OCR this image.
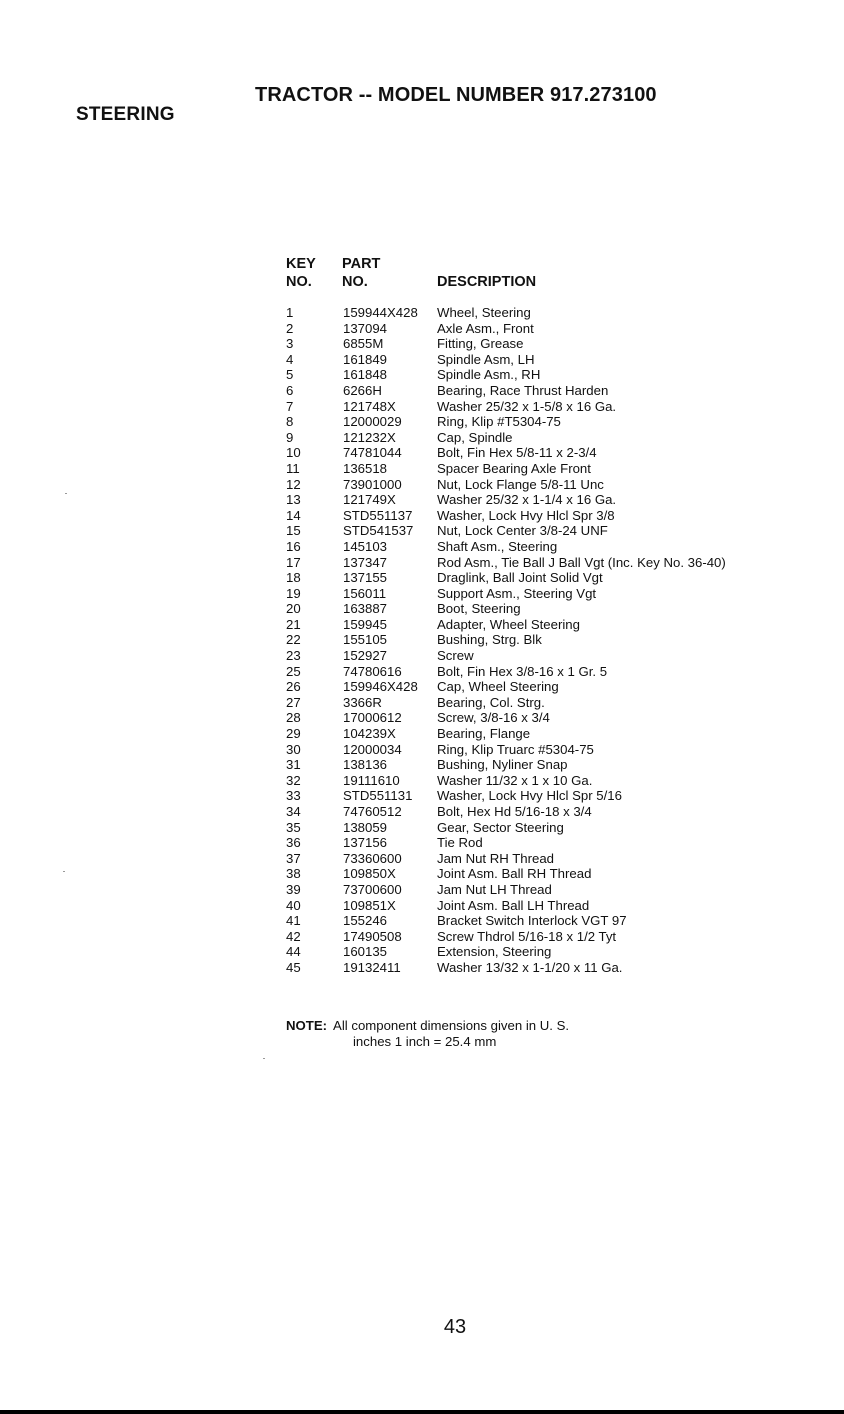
STEERING
TRACTOR -- MODEL NUMBER 917.273100
KEY
NO.
PART
NO.	DESCRIPTION
1	159944X428 Wheel, Steering
2	137094	Axle Asm., Front
3	6855M	Fitting, Grease
4	161849	Spindle Asm, LH
5	161848	Spindle Asm., RH
6	6266H	Bearing, Race Thrust Harden
7	121748X	Washer 25/32 x 1-5/8 x 16 Ga.
8	12000029	Ring, Klip #T5304-75
9	121232X	Cap, Spindle
10	74781044	Bolt, Fin Hex 5/8-11 x 2-3/4
11	136518	Spacer Bearing Axle Front
12	73901000	Nut, Lock Flange 5/8-11 Unc
13	121749X	Washer 25/32 x 1-1/4 x 16 Ga.
14	STD551137 Washer, Lock Hvy Hlcl Spr 3/8
15	STD541537 Nut, Lock Center 3/8-24 UNF
16	145103	Shaft Asm., Steering
17	137347	Rod Asm., Tie Ball J Ball Vgt (Inc. Key No. 36-40)
18	137155	Draglink, Ball Joint Solid Vgt
19	156011	Support Asm., Steering Vgt
20	163887	Boot, Steering
21	159945	Adapter, Wheel Steering
22	155105	Bushing, Strg. Blk
23	152927	Screw
25	74780616	Bolt, Fin Hex 3/8-16 x 1 Gr. 5
26	159946X428 Cap, Wheel Steering
27	3366R	Bearing, Col. Strg.
28	17000612	Screw, 3/8-16 x 3/4
29	104239X	Bearing, Flange
30	12000034	Ring, Klip Truarc #5304-75
31	138136	Bushing, Nyliner Snap
32	19111610	Washer 11/32 x 1 x 10 Ga.
33	STD551131 Washer, Lock Hvy Hlcl Spr 5/16
34	74760512	Bolt, Hex Hd 5/16-18 x 3/4
35	138059	Gear, Sector Steering
36	137156	Tie Rod
37	73360600	Jam Nut RH Thread
38	109850X	Joint Asm. Ball RH Thread
39	73700600	Jam Nut LH Thread
40	109851X	Joint Asm. Ball LH Thread
41	155246	Bracket Switch Interlock VGT 97
42	17490508	Screw Thdrol 5/16-18 x 1/2 Tyt
44	160135	Extension, Steering
45	19132411	Washer 13/32 x 1-1/20 x 11 Ga.
NOTE: All component dimensions given in U. S.
inches 1 inch = 25.4 mm
43
